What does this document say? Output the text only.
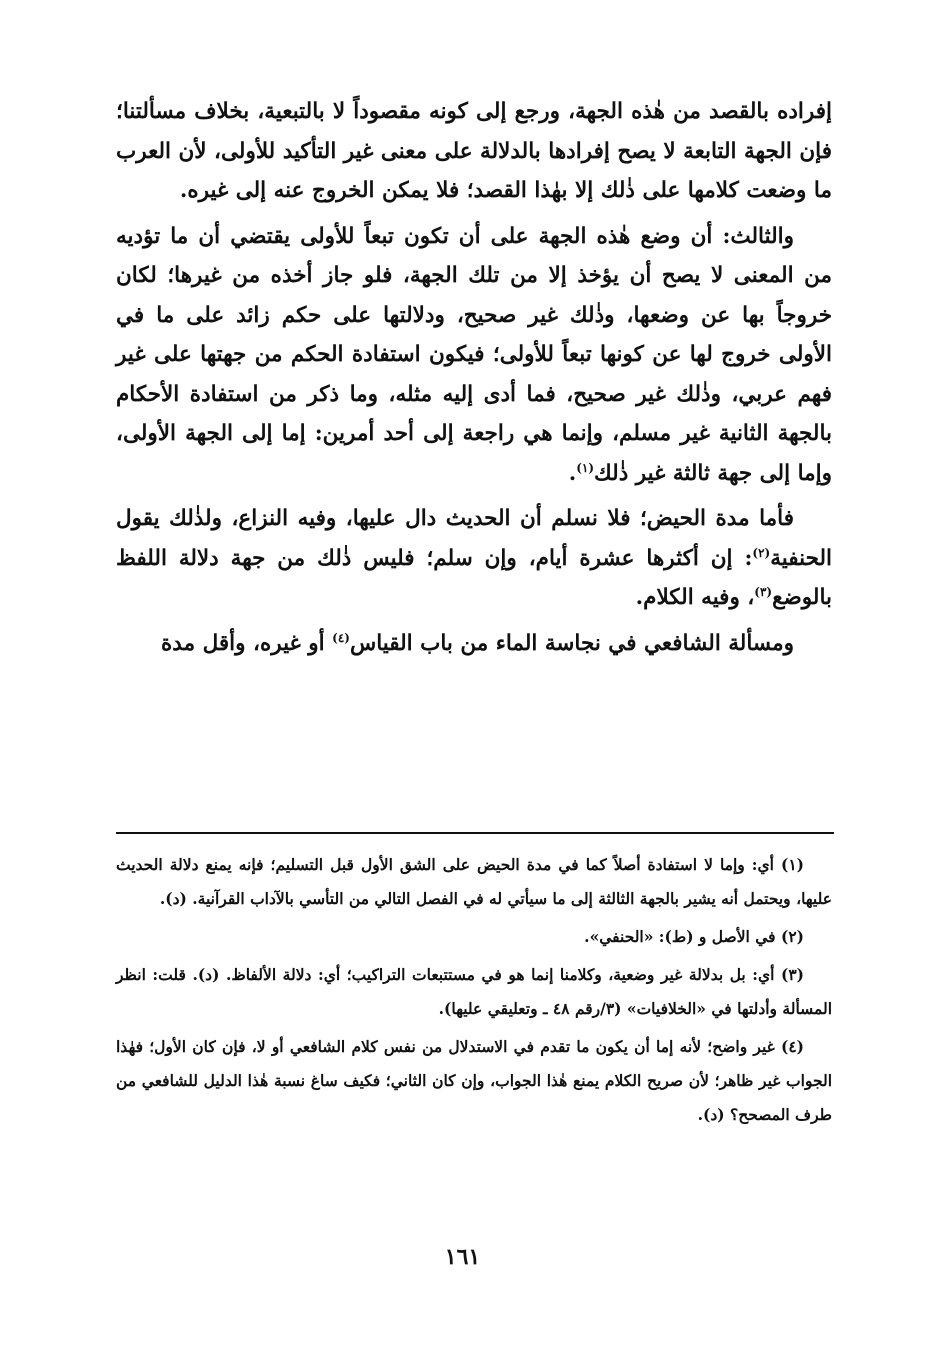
إفراده بالقصد من هٰذه الجهة، ورجع إلى كونه مقصوداً لا بالتبعية، بخلاف مسألتنا؛ فإن الجهة التابعة لا يصح إفرادها بالدلالة على معنى غير التأكيد للأولى، لأن العرب ما وضعت كلامها على ذٰلك إلا بهٰذا القصد؛ فلا يمكن الخروج عنه إلى غيره.

والثالث: أن وضع هٰذه الجهة على أن تكون تبعاً للأولى يقتضي أن ما تؤديه من المعنى لا يصح أن يؤخذ إلا من تلك الجهة، فلو جاز أخذه من غيرها؛ لكان خروجاً بها عن وضعها، وذٰلك غير صحيح، ودلالتها على حكم زائد على ما في الأولى خروج لها عن كونها تبعاً للأولى؛ فيكون استفادة الحكم من جهتها على غير فهم عربي، وذٰلك غير صحيح، فما أدى إليه مثله، وما ذكر من استفادة الأحكام بالجهة الثانية غير مسلم، وإنما هي راجعة إلى أحد أمرين: إما إلى الجهة الأولى، وإما إلى جهة ثالثة غير ذٰلك$^{(١)}$.

فأما مدة الحيض؛ فلا نسلم أن الحديث دال عليها، وفيه النزاع، ولذٰلك يقول الحنفية$^{(٢)}$: إن أكثرها عشرة أيام، وإن سلم؛ فليس ذٰلك من جهة دلالة اللفظ بالوضع$^{(٣)}$، وفيه الكلام.

ومسألة الشافعي في نجاسة الماء من باب القياس$^{(٤)}$ أو غيره، وأقل مدة

(١) أي: وإما لا استفادة أصلاً كما في مدة الحيض على الشق الأول قبل التسليم؛ فإنه يمنع دلالة الحديث عليها، ويحتمل أنه يشير بالجهة الثالثة إلى ما سيأتي له في الفصل التالي من التأسي بالآداب القرآنية. (د).

(٢) في الأصل و (ط): «الحنفي».

(٣) أي: بل بدلالة غير وضعية، وكلامنا إنما هو في مستتبعات التراكيب؛ أي: دلالة الألفاظ. (د). قلت: انظر المسألة وأدلتها في «الخلافيات» (٣/رقم ٤٨ ـ وتعليقي عليها).

(٤) غير واضح؛ لأنه إما أن يكون ما تقدم في الاستدلال من نفس كلام الشافعي أو لا، فإن كان الأول؛ فهٰذا الجواب غير ظاهر؛ لأن صريح الكلام يمنع هٰذا الجواب، وإن كان الثاني؛ فكيف ساغ نسبة هٰذا الدليل للشافعي من طرف المصحح؟ (د).

١٦١
